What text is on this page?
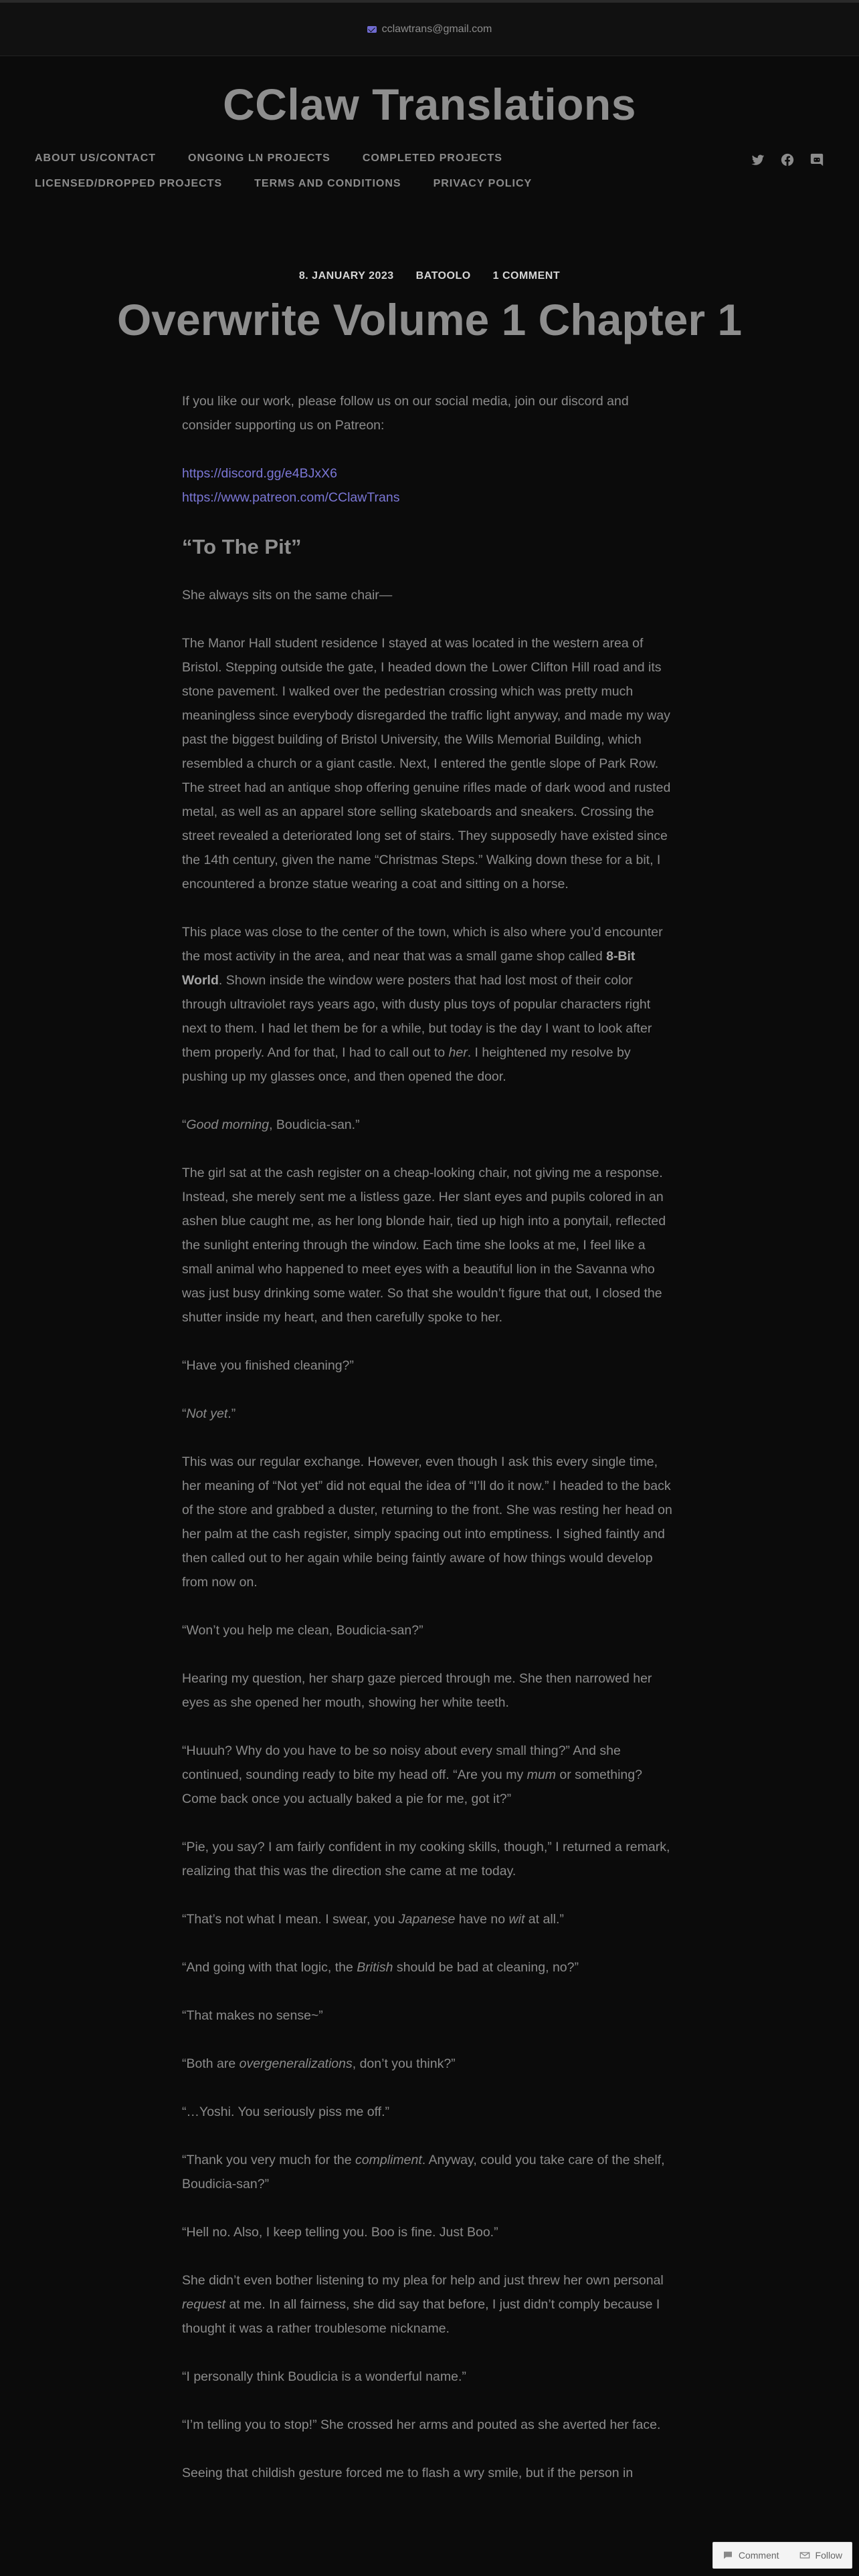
cclawtrans@gmail.com
CClaw Translations
ABOUT US/CONTACT	ONGOING LN PROJECTS	COMPLETED PROJECTS
LICENSED/DROPPED PROJECTS	TERMS AND CONDITIONS	PRIVACY POLICY
8. JANUARY 2023 BATOOLO 1 COMMENT
Overwrite Volume 1 Chapter 1

If you like our work, please follow us on our social media, join our discord and consider supporting us on Patreon:

https://discord.gg/e4BJxX6
https://www.patreon.com/CClawTrans
“To The Pit”

She always sits on the same chair—

The Manor Hall student residence I stayed at was located in the western area of Bristol. Stepping outside the gate, I headed down the Lower Clifton Hill road and its stone pavement. I walked over the pedestrian crossing which was pretty much meaningless since everybody disregarded the traffic light anyway, and made my way past the biggest building of Bristol University, the Wills Memorial Building, which resembled a church or a giant castle. Next, I entered the gentle slope of Park Row. The street had an antique shop offering genuine rifles made of dark wood and rusted metal, as well as an apparel store selling skateboards and sneakers. Crossing the street revealed a deteriorated long set of stairs. They supposedly have existed since the 14th century, given the name “Christmas Steps.” Walking down these for a bit, I encountered a bronze statue wearing a coat and sitting on a horse.

This place was close to the center of the town, which is also where you’d encounter the most activity in the area, and near that was a small game shop called 8-Bit World. Shown inside the window were posters that had lost most of their color through ultraviolet rays years ago, with dusty plus toys of popular characters right next to them. I had let them be for a while, but today is the day I want to look after them properly. And for that, I had to call out to her. I heightened my resolve by pushing up my glasses once, and then opened the door.

“Good morning, Boudicia-san.”

The girl sat at the cash register on a cheap-looking chair, not giving me a response. Instead, she merely sent me a listless gaze. Her slant eyes and pupils colored in an ashen blue caught me, as her long blonde hair, tied up high into a ponytail, reflected the sunlight entering through the window. Each time she looks at me, I feel like a small animal who happened to meet eyes with a beautiful lion in the Savanna who was just busy drinking some water. So that she wouldn’t figure that out, I closed the shutter inside my heart, and then carefully spoke to her.

“Have you finished cleaning?”

“Not yet.”

This was our regular exchange. However, even though I ask this every single time, her meaning of “Not yet” did not equal the idea of “I’ll do it now.” I headed to the back of the store and grabbed a duster, returning to the front. She was resting her head on her palm at the cash register, simply spacing out into emptiness. I sighed faintly and then called out to her again while being faintly aware of how things would develop from now on.

“Won’t you help me clean, Boudicia-san?”

Hearing my question, her sharp gaze pierced through me. She then narrowed her eyes as she opened her mouth, showing her white teeth.

“Huuuh? Why do you have to be so noisy about every small thing?” And she continued, sounding ready to bite my head off. “Are you my mum or something? Come back once you actually baked a pie for me, got it?”

“Pie, you say? I am fairly confident in my cooking skills, though,” I returned a remark, realizing that this was the direction she came at me today.

“That’s not what I mean. I swear, you Japanese have no wit at all.”

“And going with that logic, the British should be bad at cleaning, no?”

“That makes no sense~”

“Both are overgeneralizations, don’t you think?”

“…Yoshi. You seriously piss me off.”

“Thank you very much for the compliment. Anyway, could you take care of the shelf, Boudicia-san?”

“Hell no. Also, I keep telling you. Boo is fine. Just Boo.”

She didn’t even bother listening to my plea for help and just threw her own personal request at me. In all fairness, she did say that before, I just didn’t comply because I thought it was a rather troublesome nickname.

“I personally think Boudicia is a wonderful name.”

“I’m telling you to stop!” She crossed her arms and pouted as she averted her face.

Seeing that childish gesture forced me to flash a wry smile, but if the person in

Comment	Follow
